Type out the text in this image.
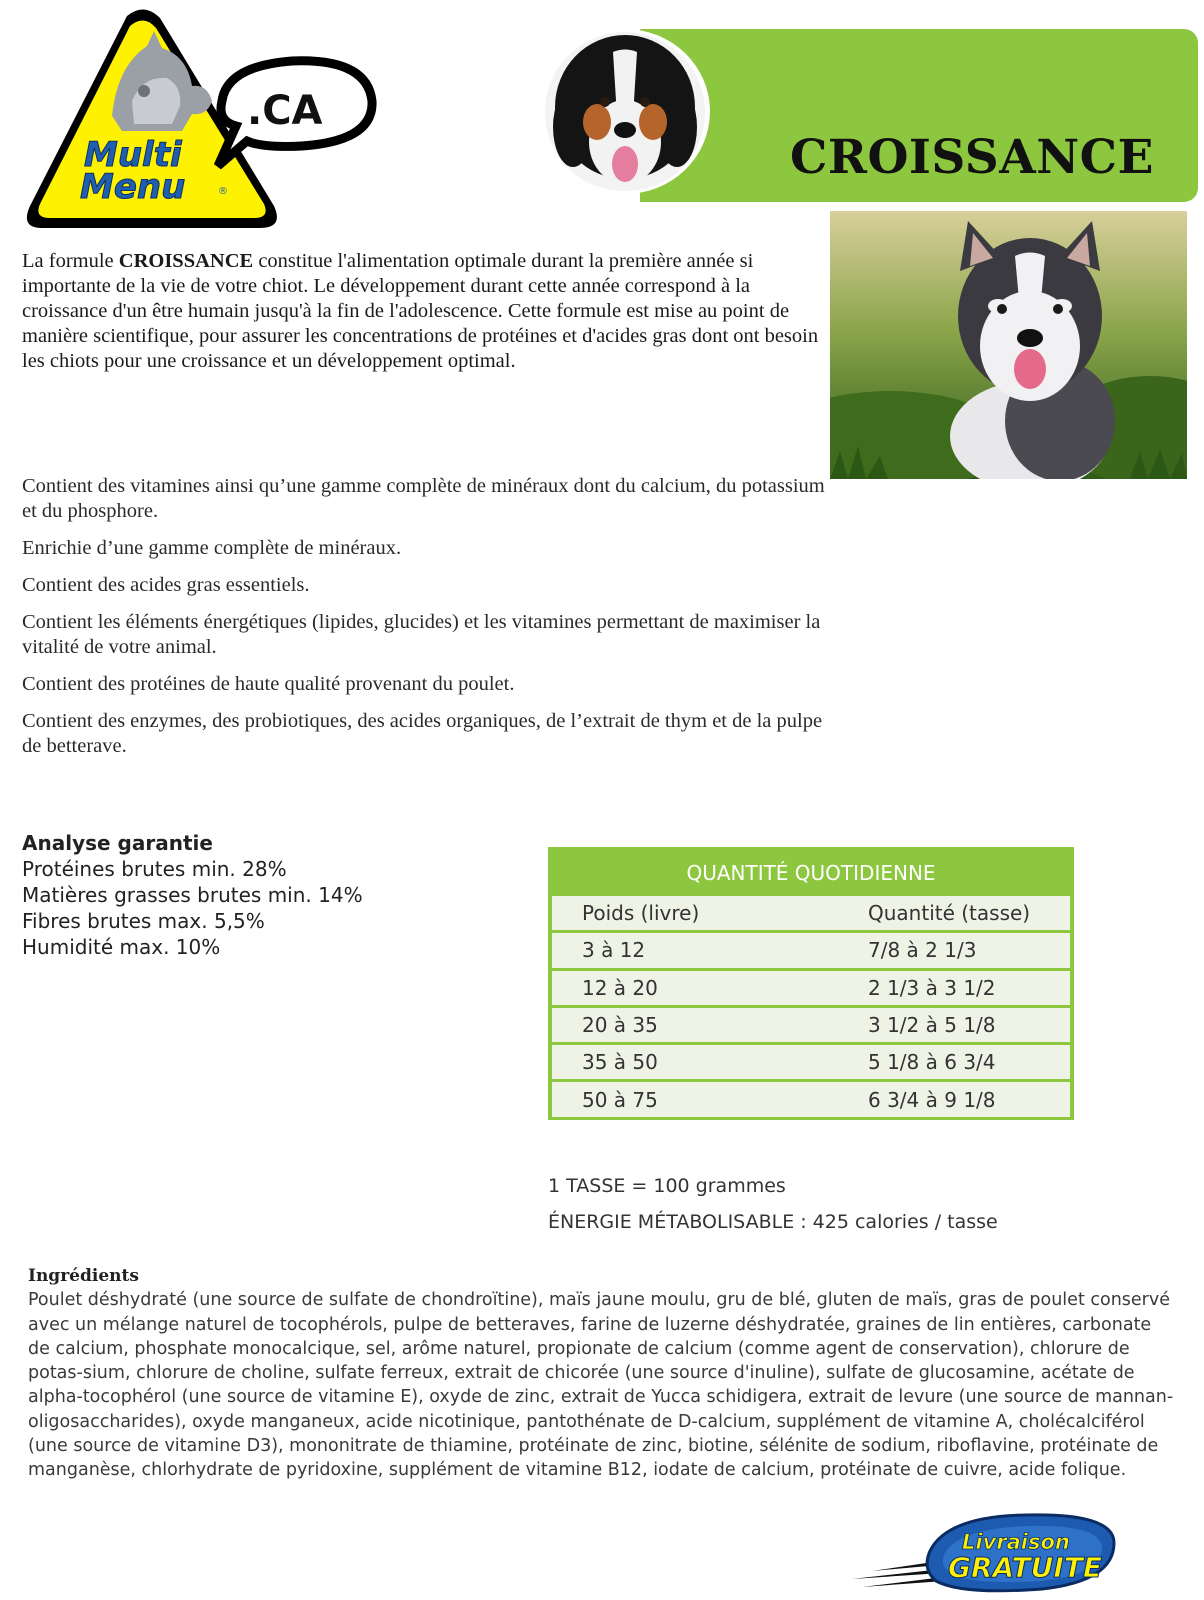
Multi
Menu	®
.CA
CROISSANCE
La formule CROISSANCE constitue l'alimentation optimale durant la première année si importante de la vie de votre chiot. Le développement durant cette année correspond à la croissance d'un être humain jusqu'à la fin de l'adolescence. Cette formule est mise au point de manière scientifique, pour assurer les concentrations de protéines et d'acides gras dont ont besoin les chiots pour une croissance et un développement optimal.

Contient des vitamines ainsi qu’une gamme complète de minéraux dont du calcium, du potassium et du phosphore.

Enrichie d’une gamme complète de minéraux.

Contient des acides gras essentiels.

Contient les éléments énergétiques (lipides, glucides) et les vitamines permettant de maximiser la vitalité de votre animal.

Contient des protéines de haute qualité provenant du poulet.

Contient des enzymes, des probiotiques, des acides organiques, de l’extrait de thym et de la pulpe de betterave.

Analyse garantie
Protéines brutes min. 28%
Matières grasses brutes min. 14%
Fibres brutes max. 5,5%
Humidité max. 10%
QUANTITÉ QUOTIDIENNE
Poids (livre)	Quantité (tasse)
3 à 12	7/8 à 2 1/3
12 à 20	2 1/3 à 3 1/2
20 à 35	3 1/2 à 5 1/8
35 à 50	5 1/8 à 6 3/4
50 à 75	6 3/4 à 9 1/8
1 TASSE = 100 grammes
ÉNERGIE MÉTABOLISABLE : 425 calories / tasse
Ingrédients
Poulet déshydraté (une source de sulfate de chondroïtine), maïs jaune moulu, gru de blé, gluten de maïs, gras de poulet conservé avec un mélange naturel de tocophérols, pulpe de betteraves, farine de luzerne déshydratée, graines de lin entières, carbonate de calcium, phosphate monocalcique, sel, arôme naturel, propionate de calcium (comme agent de conservation), chlorure de potas-sium, chlorure de choline, sulfate ferreux, extrait de chicorée (une source d'inuline), sulfate de glucosamine, acétate de alpha-tocophérol (une source de vitamine E), oxyde de zinc, extrait de Yucca schidigera, extrait de levure (une source de mannan-oligosaccharides), oxyde manganeux, acide nicotinique, pantothénate de D-calcium, supplément de vitamine A, cholécalciférol (une source de vitamine D3), mononitrate de thiamine, protéinate de zinc, biotine, sélénite de sodium, riboflavine, protéinate de manganèse, chlorhydrate de pyridoxine, supplément de vitamine B12, iodate de calcium, protéinate de cuivre, acide folique.
Livraison
GRATUITE
